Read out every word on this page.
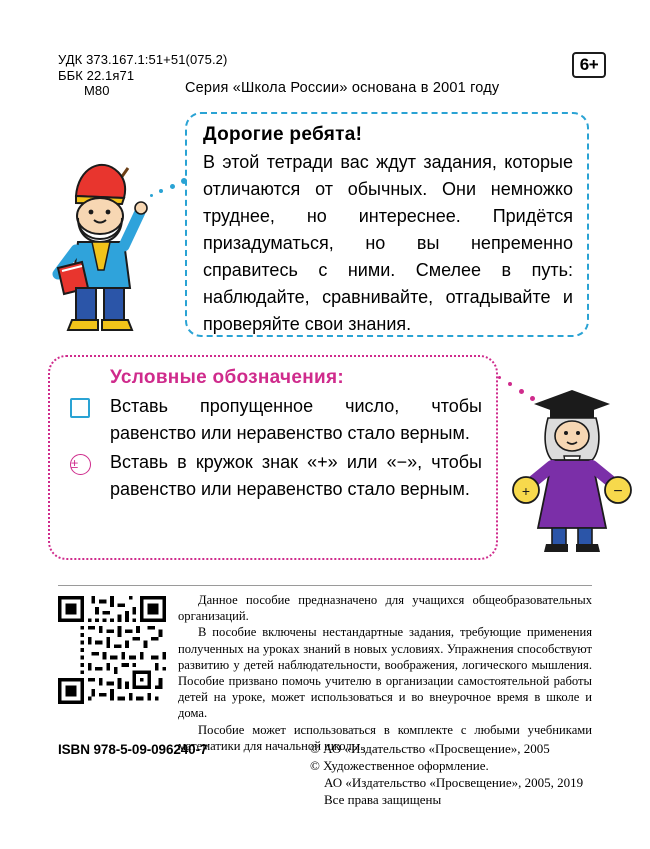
УДК 373.167.1:51+51(075.2)
ББК 22.1я71
М80
6+
Серия «Школа России» основана в 2001 году
Дорогие ребята!

В этой тетради вас ждут задания, которые отличаются от обычных. Они немножко труднее, но интереснее. Придётся призадуматься, но вы непременно справитесь с ними. Смелее в путь: наблюдайте, сравнивайте, отгадывайте и проверяйте свои знания.

Условные обозначения:

Вставь пропущенное число, чтобы равенство или неравенство стало верным.

±	Вставь в кружок знак «+» или «−», чтобы равенство или неравенство стало верным.	+	−

Данное пособие предназначено для учащихся общеобразовательных организаций.

В пособие включены нестандартные задания, требующие применения полученных на уроках знаний в новых условиях. Упражнения способствуют развитию у детей наблюдательности, воображения, логического мышления. Пособие призвано помочь учителю в организации самостоятельной работы детей на уроке, может использоваться и во внеурочное время в школе и дома.

Пособие может использоваться в комплекте с любыми учебниками математики для начальной школы.

ISBN 978-5-09-096240-7	© АО «Издательство «Просвещение», 2005
© Художественное оформление.
АО «Издательство «Просвещение», 2005, 2019
Все права защищены
